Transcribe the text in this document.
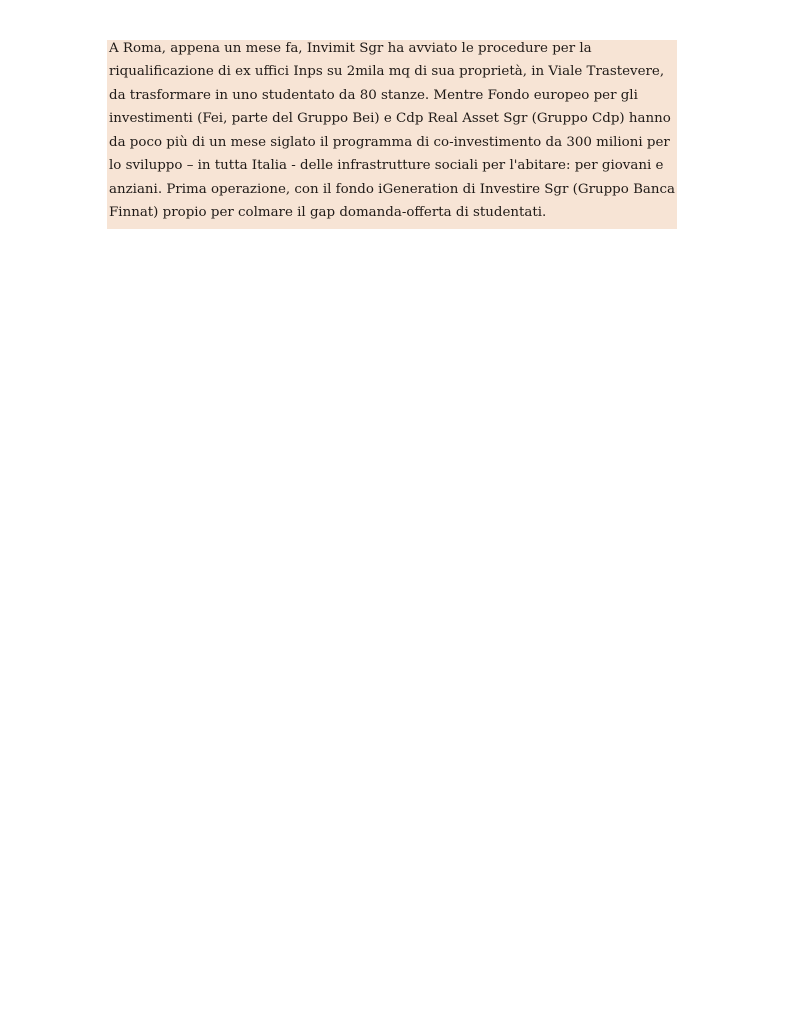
A Roma, appena un mese fa, Invimit Sgr ha avviato le procedure per la
riqualificazione di ex uffici Inps su 2mila mq di sua proprietà, in Viale Trastevere,
da trasformare in uno studentato da 80 stanze. Mentre Fondo europeo per gli
investimenti (Fei, parte del Gruppo Bei) e Cdp Real Asset Sgr (Gruppo Cdp) hanno
da poco più di un mese siglato il programma di co-investimento da 300 milioni per
lo sviluppo – in tutta Italia - delle infrastrutture sociali per l'abitare: per giovani e
anziani. Prima operazione, con il fondo iGeneration di Investire Sgr (Gruppo Banca
Finnat) propio per colmare il gap domanda-offerta di studentati.
